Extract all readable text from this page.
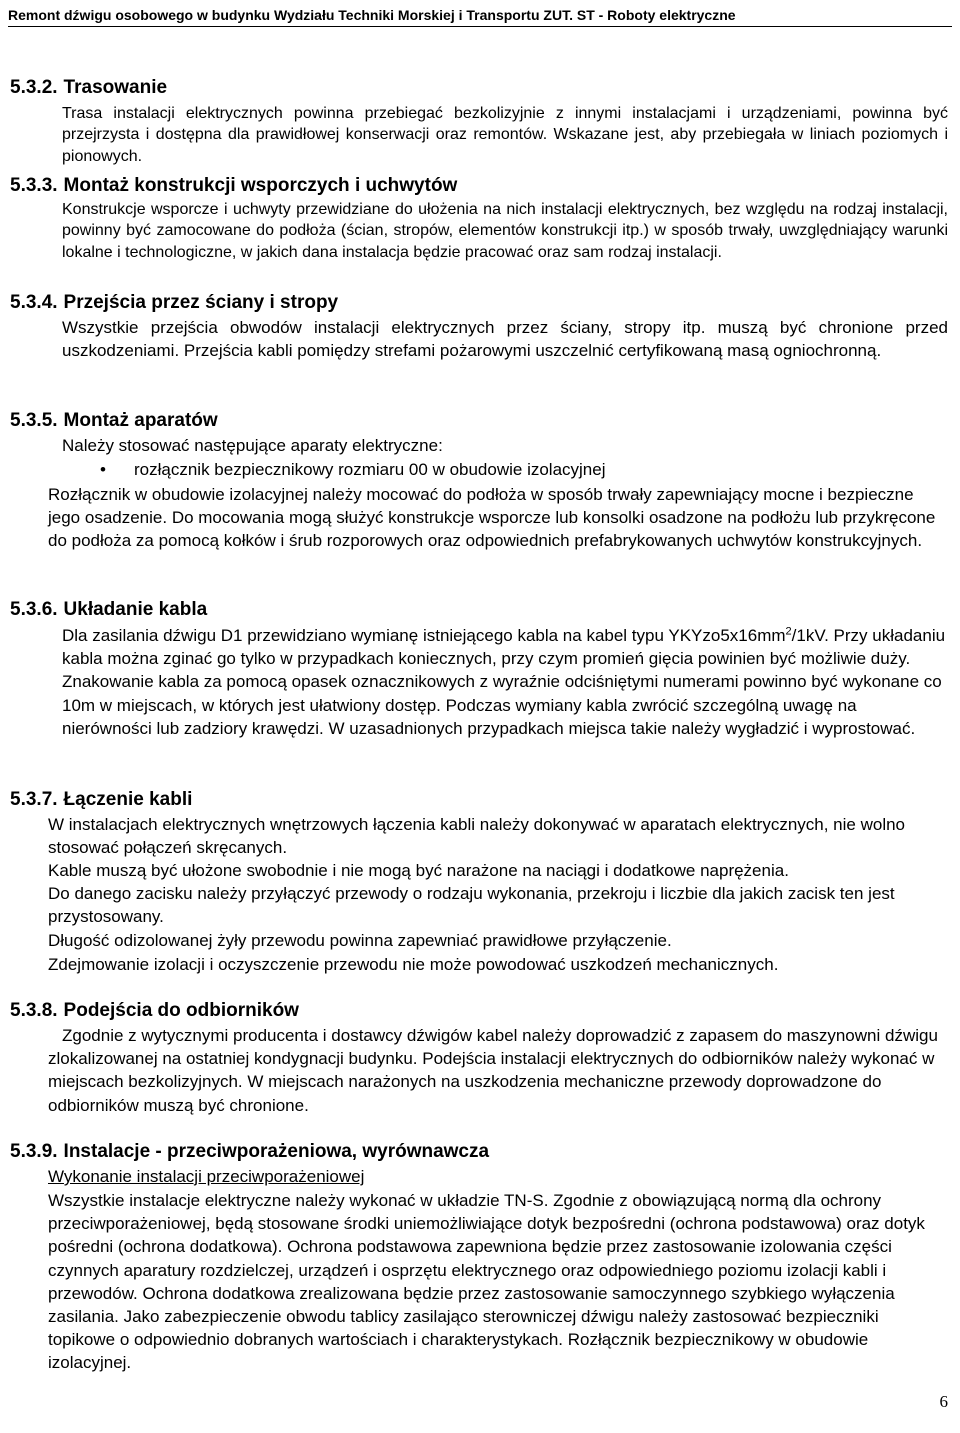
Remont dźwigu osobowego w budynku Wydziału Techniki Morskiej i Transportu ZUT. ST - Roboty elektryczne
5.3.2. Trasowanie
Trasa instalacji elektrycznych powinna przebiegać bezkolizyjnie z innymi instalacjami i urządzeniami, powinna być przejrzysta i dostępna dla prawidłowej konserwacji oraz remontów. Wskazane jest, aby przebiegała w liniach poziomych i pionowych.
5.3.3. Montaż konstrukcji wsporczych i uchwytów
Konstrukcje wsporcze i uchwyty przewidziane do ułożenia na nich instalacji elektrycznych, bez względu na rodzaj instalacji, powinny być zamocowane do podłoża (ścian, stropów, elementów konstrukcji itp.) w sposób trwały, uwzględniający warunki lokalne i technologiczne, w jakich dana instalacja będzie pracować oraz sam rodzaj instalacji.
5.3.4. Przejścia przez ściany i stropy
Wszystkie przejścia obwodów instalacji elektrycznych przez ściany, stropy itp. muszą być chronione przed uszkodzeniami. Przejścia kabli pomiędzy strefami pożarowymi uszczelnić certyfikowaną masą ogniochronną.
5.3.5. Montaż aparatów
Należy stosować następujące aparaty elektryczne:
• rozłącznik bezpiecznikowy rozmiaru 00 w obudowie izolacyjnej
Rozłącznik w obudowie izolacyjnej należy mocować do podłoża w sposób trwały zapewniający mocne i bezpieczne jego osadzenie. Do mocowania mogą służyć konstrukcje wsporcze lub konsolki osadzone na podłożu lub przykręcone do podłoża za pomocą kołków i śrub rozporowych oraz odpowiednich prefabrykowanych uchwytów konstrukcyjnych.
5.3.6. Układanie kabla
Dla zasilania dźwigu D1 przewidziano wymianę istniejącego kabla na kabel typu $YKYzo5x16mm^2/1kV$. Przy układaniu kabla można zginać go tylko w przypadkach koniecznych, przy czym promień gięcia powinien być możliwie duży. Znakowanie kabla za pomocą opasek oznacznikowych z wyraźnie odciśniętymi numerami powinno być wykonane co 10m w miejscach, w których jest ułatwiony dostęp. Podczas wymiany kabla zwrócić szczególną uwagę na nierówności lub zadziory krawędzi. W uzasadnionych przypadkach miejsca takie należy wygładzić i wyprostować.
5.3.7. Łączenie kabli
W instalacjach elektrycznych wnętrzowych łączenia kabli należy dokonywać w aparatach elektrycznych, nie wolno stosować połączeń skręcanych.
Kable muszą być ułożone swobodnie i nie mogą być narażone na naciągi i dodatkowe naprężenia.
Do danego zacisku należy przyłączyć przewody o rodzaju wykonania, przekroju i liczbie dla jakich zacisk ten jest przystosowany.
Długość odizolowanej żyły przewodu powinna zapewniać prawidłowe przyłączenie.
Zdejmowanie izolacji i oczyszczenie przewodu nie może powodować uszkodzeń mechanicznych.
5.3.8. Podejścia do odbiorników
Zgodnie z wytycznymi producenta i dostawcy dźwigów kabel należy doprowadzić z zapasem do maszynowni dźwigu zlokalizowanej na ostatniej kondygnacji budynku. Podejścia instalacji elektrycznych do odbiorników należy wykonać w miejscach bezkolizyjnych. W miejscach narażonych na uszkodzenia mechaniczne przewody doprowadzone do odbiorników muszą być chronione.
5.3.9. Instalacje - przeciwporażeniowa, wyrównawcza
Wykonanie instalacji przeciwporażeniowej
Wszystkie instalacje elektryczne należy wykonać w układzie TN-S. Zgodnie z obowiązującą normą dla ochrony przeciwporażeniowej, będą stosowane środki uniemożliwiające dotyk bezpośredni (ochrona podstawowa) oraz dotyk pośredni (ochrona dodatkowa). Ochrona podstawowa zapewniona będzie przez zastosowanie izolowania części czynnych aparatury rozdzielczej, urządzeń i osprzętu elektrycznego oraz odpowiedniego poziomu izolacji kabli i przewodów. Ochrona dodatkowa zrealizowana będzie przez zastosowanie samoczynnego szybkiego wyłączenia zasilania. Jako zabezpieczenie obwodu tablicy zasilająco sterowniczej dźwigu należy zastosować bezpieczniki topikowe o odpowiednio dobranych wartościach i charakterystykach. Rozłącznik bezpiecznikowy w obudowie izolacyjnej.
6
